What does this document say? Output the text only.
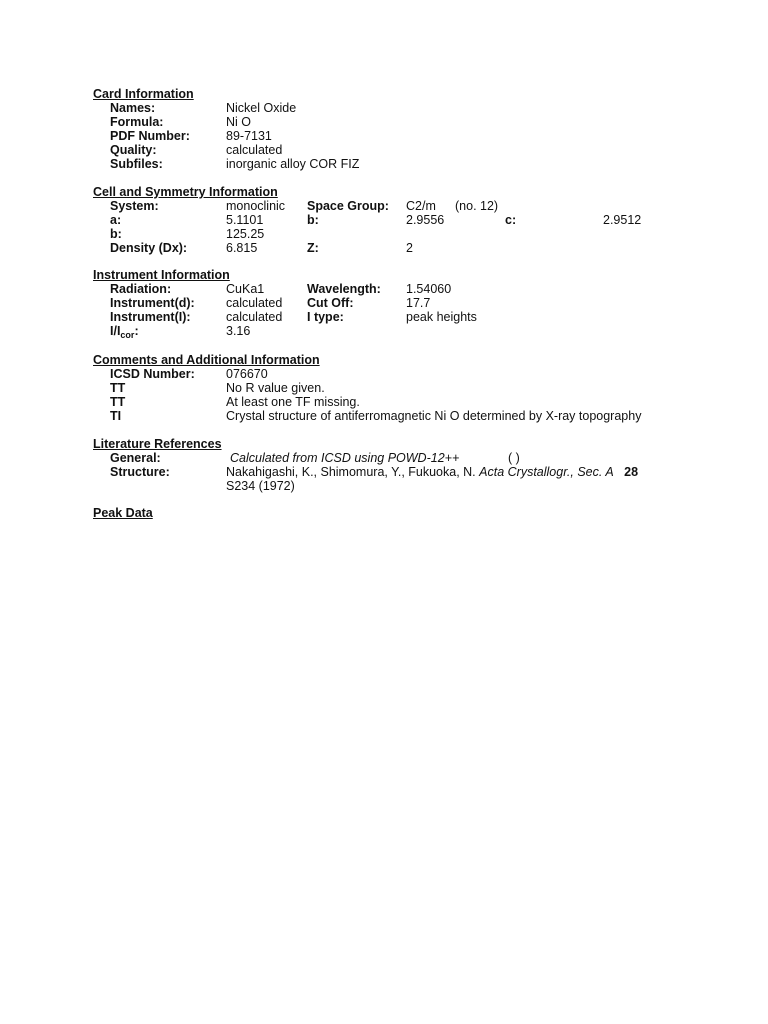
Card Information
Names:	Nickel Oxide
Formula:	Ni O
PDF Number:	89-7131
Quality:	calculated
Subfiles:	inorganic alloy COR FIZ
Cell and Symmetry Information
System:	monoclinic Space Group: C2/m (no. 12)
a:	5.1101	b:	2.9556	c:	2.9512
b:	125.25
Density (Dx):	6.815	Z:	2
Instrument Information
Radiation:	CuKa1	Wavelength: 1.54060
Instrument(d):	calculated Cut Off:	17.7
Instrument(I):	calculated I type:	peak heights
$I/I_{cor}$:	3.16
Comments and Additional Information
ICSD Number:	076670
TT	No R value given.
TT	At least one TF missing.
TI	Crystal structure of antiferromagnetic Ni O determined by X-ray topography
Literature References
General:	Calculated from ICSD using POWD-12++	( )
Structure:	Nakahigashi, K., Shimomura, Y., Fukuoka, N. Acta Crystallogr., Sec. A 28
S234 (1972)
Peak Data
